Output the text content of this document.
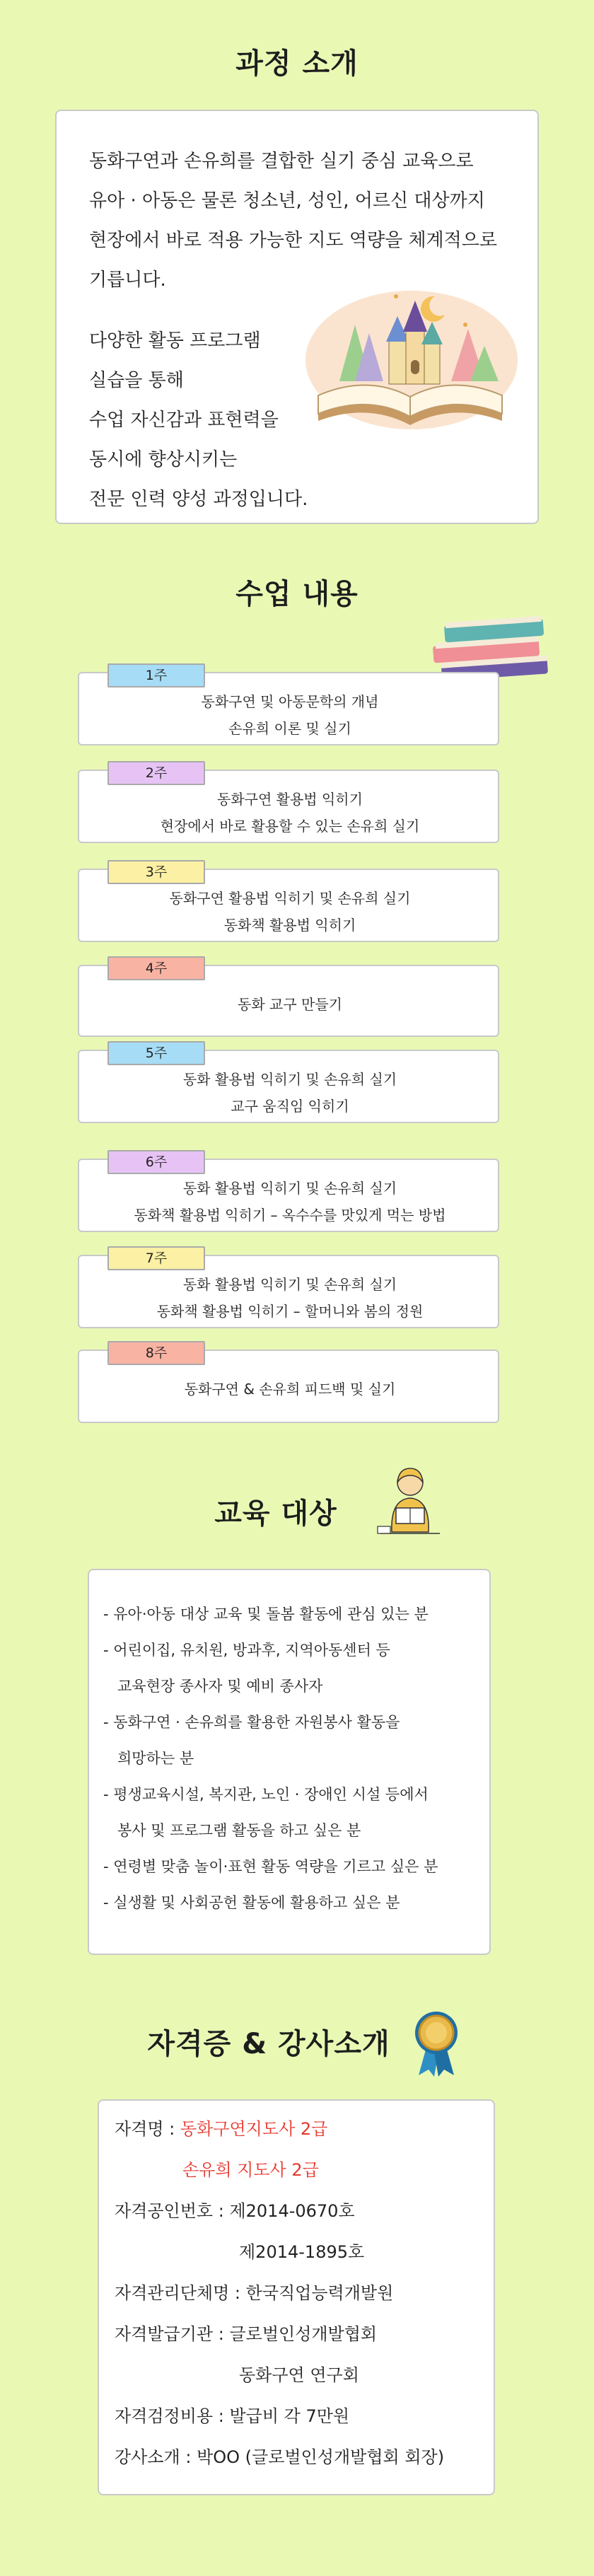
과정 소개
동화구연과 손유희를 결합한 실기 중심 교육으로
유아 · 아동은 물론 청소년, 성인, 어르신 대상까지
현장에서 바로 적용 가능한 지도 역량을 체계적으로
기릅니다.
다양한 활동 프로그램
실습을 통해
수업 자신감과 표현력을
동시에 향상시키는
전문 인력 양성 과정입니다.
수업 내용
1주
동화구연 및 아동문학의 개념
손유희 이론 및 실기
2주
동화구연 활용법 익히기
현장에서 바로 활용할 수 있는 손유희 실기
3주
동화구연 활용법 익히기 및 손유희 실기
동화책 활용법 익히기
4주
동화 교구 만들기
5주
동화 활용법 익히기 및 손유희 실기
교구 움직임 익히기
6주
동화 활용법 익히기 및 손유희 실기
동화책 활용법 익히기 – 옥수수를 맛있게 먹는 방법
7주
동화 활용법 익히기 및 손유희 실기
동화책 활용법 익히기 – 할머니와 봄의 정원
8주
동화구연 & 손유희 피드백 및 실기
교육 대상
- 유아·아동 대상 교육 및 돌봄 활동에 관심 있는 분
- 어린이집, 유치원, 방과후, 지역아동센터 등
교육현장 종사자 및 예비 종사자
- 동화구연 · 손유희를 활용한 자원봉사 활동을
희망하는 분
- 평생교육시설, 복지관, 노인 · 장애인 시설 등에서
봉사 및 프로그램 활동을 하고 싶은 분
- 연령별 맞춤 놀이·표현 활동 역량을 기르고 싶은 분
- 실생활 및 사회공헌 활동에 활용하고 싶은 분
자격증 & 강사소개
자격명 : 동화구연지도사 2급
손유희 지도사 2급
자격공인번호 : 제2014-0670호
제2014-1895호
자격관리단체명 : 한국직업능력개발원
자격발급기관 : 글로벌인성개발협회
동화구연 연구회
자격검정비용 : 발급비 각 7만원
강사소개 : 박OO (글로벌인성개발협회 회장)
